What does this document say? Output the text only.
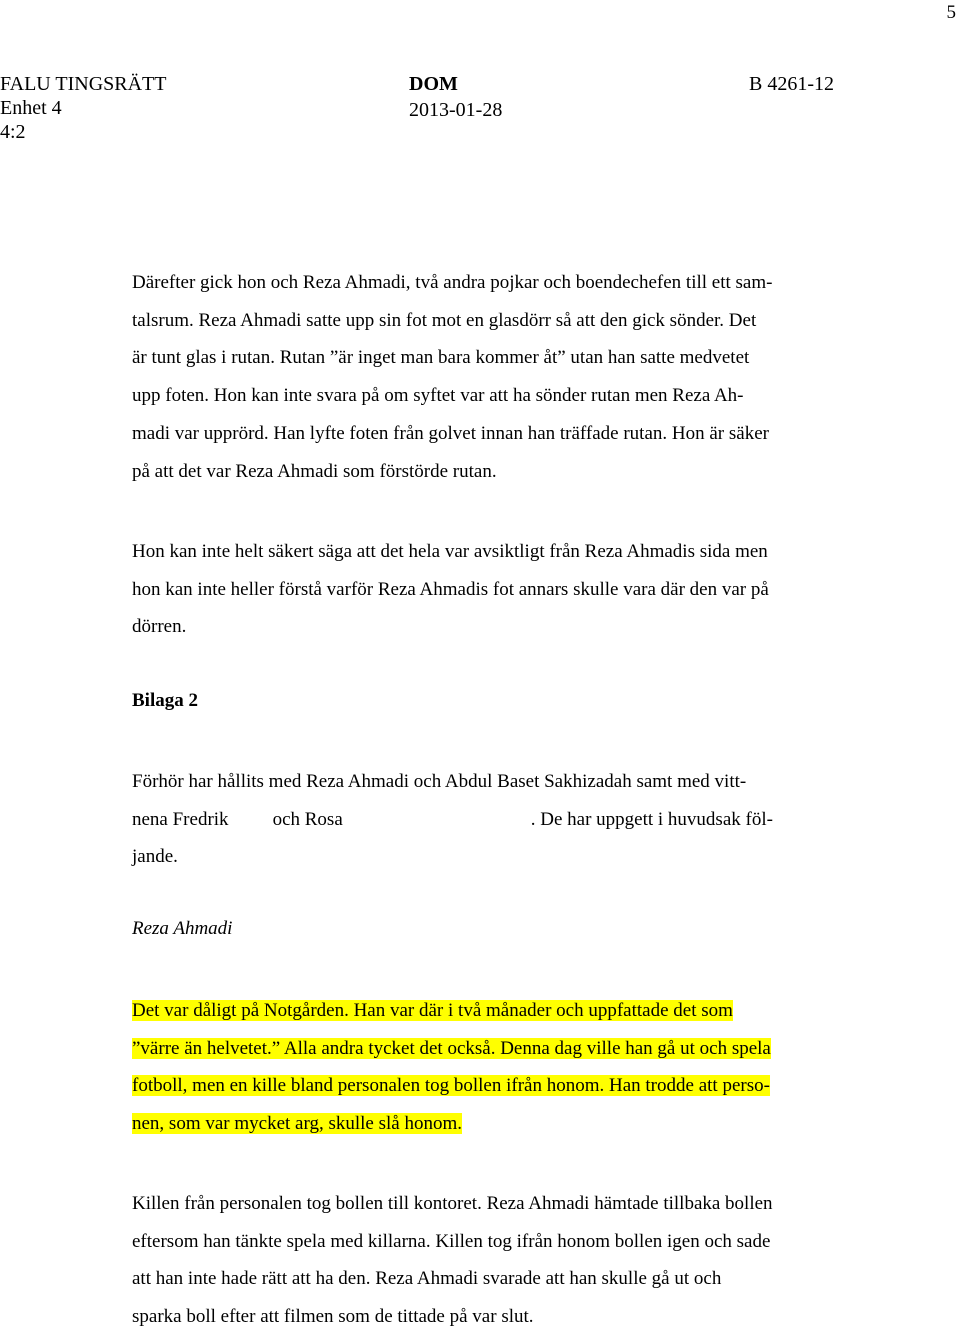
5
FALU TINGSRÄTT
Enhet 4
4:2
DOM
2013-01-28
B 4261-12
Därefter gick hon och Reza Ahmadi, två andra pojkar och boendechefen till ett sam-
talsrum. Reza Ahmadi satte upp sin fot mot en glasdörr så att den gick sönder. Det
är tunt glas i rutan. Rutan ”är inget man bara kommer åt” utan han satte medvetet
upp foten. Hon kan inte svara på om syftet var att ha sönder rutan men Reza Ah-
madi var upprörd. Han lyfte foten från golvet innan han träffade rutan. Hon är säker
på att det var Reza Ahmadi som förstörde rutan.
Hon kan inte helt säkert säga att det hela var avsiktligt från Reza Ahmadis sida men
hon kan inte heller förstå varför Reza Ahmadis fot annars skulle vara där den var på
dörren.
Bilaga 2
Förhör har hållits med Reza Ahmadi och Abdul Baset Sakhizadah samt med vitt-
nena Fredrik och Rosa	. De har uppgett i huvudsak föl-
jande.
Reza Ahmadi
Det var dåligt på Notgården. Han var där i två månader och uppfattade det som
”värre än helvetet.” Alla andra tycket det också. Denna dag ville han gå ut och spela
fotboll, men en kille bland personalen tog bollen ifrån honom. Han trodde att perso-
nen, som var mycket arg, skulle slå honom.
Killen från personalen tog bollen till kontoret. Reza Ahmadi hämtade tillbaka bollen
eftersom han tänkte spela med killarna. Killen tog ifrån honom bollen igen och sade
att han inte hade rätt att ha den. Reza Ahmadi svarade att han skulle gå ut och
sparka boll efter att filmen som de tittade på var slut.
